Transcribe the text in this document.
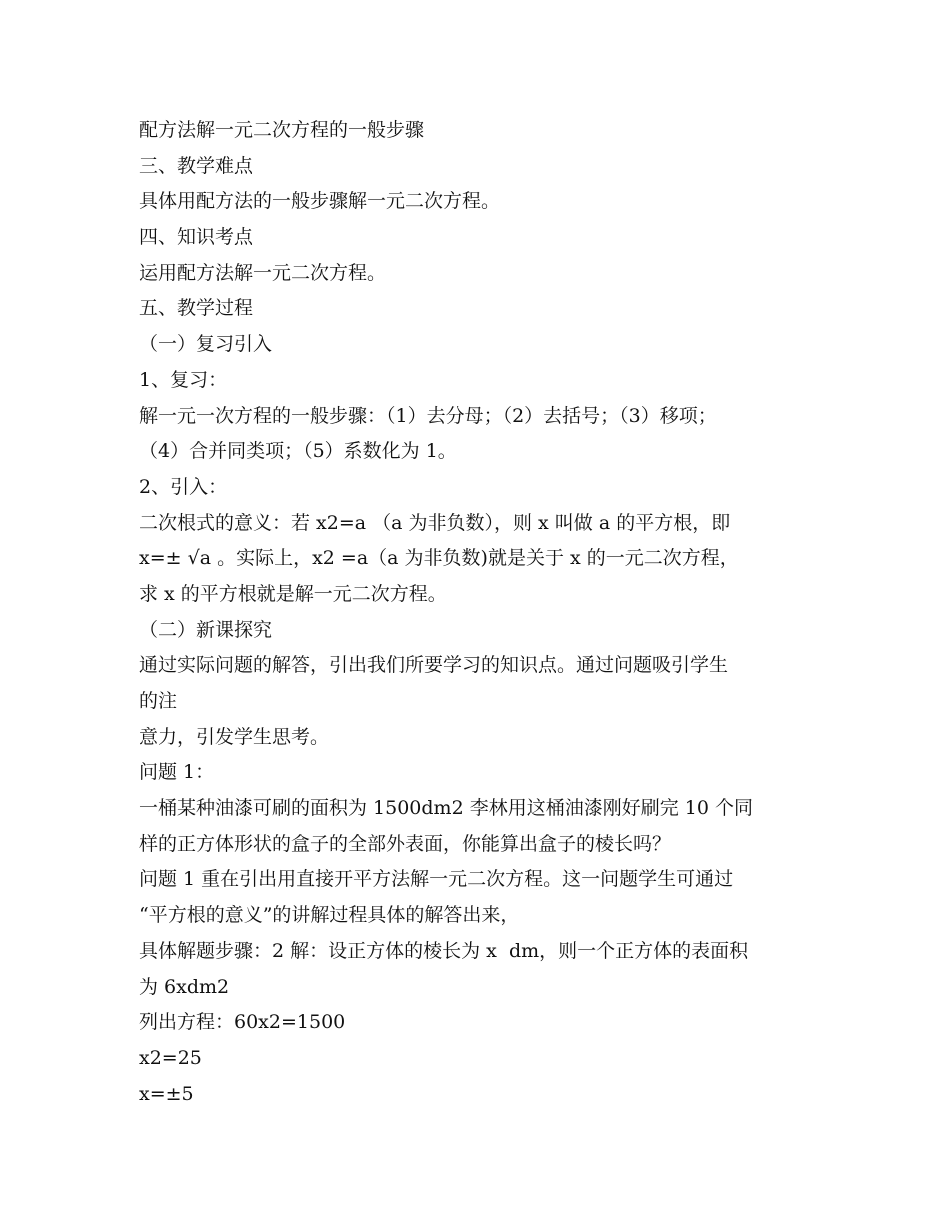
配方法解一元二次方程的一般步骤

三、教学难点

具体用配方法的一般步骤解一元二次方程。

四、知识考点

运用配方法解一元二次方程。

五、教学过程

（一）复习引入

1、复习：

解一元一次方程的一般步骤：（1）去分母；（2）去括号；（3）移项；

（4）合并同类项；（5）系数化为 1。

2、引入：

二次根式的意义：若 x2=a （a 为非负数），则 x 叫做 a 的平方根，即

x=± √a 。实际上，x2 =a（a 为非负数)就是关于 x 的一元二次方程，

求 x 的平方根就是解一元二次方程。

（二）新课探究

通过实际问题的解答，引出我们所要学习的知识点。通过问题吸引学生

的注

意力，引发学生思考。

问题 1：

一桶某种油漆可刷的面积为 1500dm2 李林用这桶油漆刚好刷完 10 个同

样的正方体形状的盒子的全部外表面，你能算出盒子的棱长吗？

问题 1 重在引出用直接开平方法解一元二次方程。这一问题学生可通过

“平方根的意义”的讲解过程具体的解答出来，

具体解题步骤：2 解：设正方体的棱长为 x  dm，则一个正方体的表面积

为 6xdm2

列出方程：60x2=1500

x2=25

x=±5
